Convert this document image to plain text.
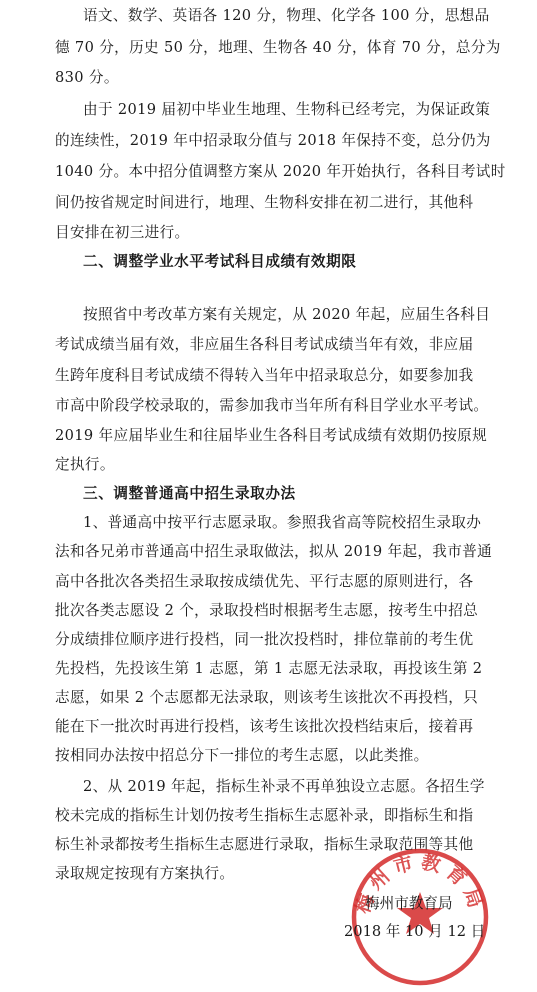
语文、数学、英语各 120 分，物理、化学各 100 分，思想品
德 70 分，历史 50 分，地理、生物各 40 分，体育 70 分，总分为
830 分。
由于 2019 届初中毕业生地理、生物科已经考完，为保证政策
的连续性，2019 年中招录取分值与 2018 年保持不变，总分仍为
1040 分。本中招分值调整方案从 2020 年开始执行，各科目考试时
间仍按省规定时间进行，地理、生物科安排在初二进行，其他科
目安排在初三进行。
二、调整学业水平考试科目成绩有效期限
按照省中考改革方案有关规定，从 2020 年起，应届生各科目
考试成绩当届有效，非应届生各科目考试成绩当年有效，非应届
生跨年度科目考试成绩不得转入当年中招录取总分，如要参加我
市高中阶段学校录取的，需参加我市当年所有科目学业水平考试。
2019 年应届毕业生和往届毕业生各科目考试成绩有效期仍按原规
定执行。
三、调整普通高中招生录取办法
1、普通高中按平行志愿录取。参照我省高等院校招生录取办
法和各兄弟市普通高中招生录取做法，拟从 2019 年起，我市普通
高中各批次各类招生录取按成绩优先、平行志愿的原则进行，各
批次各类志愿设 2 个，录取投档时根据考生志愿，按考生中招总
分成绩排位顺序进行投档，同一批次投档时，排位靠前的考生优
先投档，先投该生第 1 志愿，第 1 志愿无法录取，再投该生第 2
志愿，如果 2 个志愿都无法录取，则该考生该批次不再投档，只
能在下一批次时再进行投档，该考生该批次投档结束后，接着再
按相同办法按中招总分下一排位的考生志愿，以此类推。
2、从 2019 年起，指标生补录不再单独设立志愿。各招生学
校未完成的指标生计划仍按考生指标生志愿补录，即指标生和指
标生补录都按考生指标生志愿进行录取，指标生录取范围等其他
录取规定按现有方案执行。
梅州市教育局
梅州市教育局
2018 年 10 月 12 日
